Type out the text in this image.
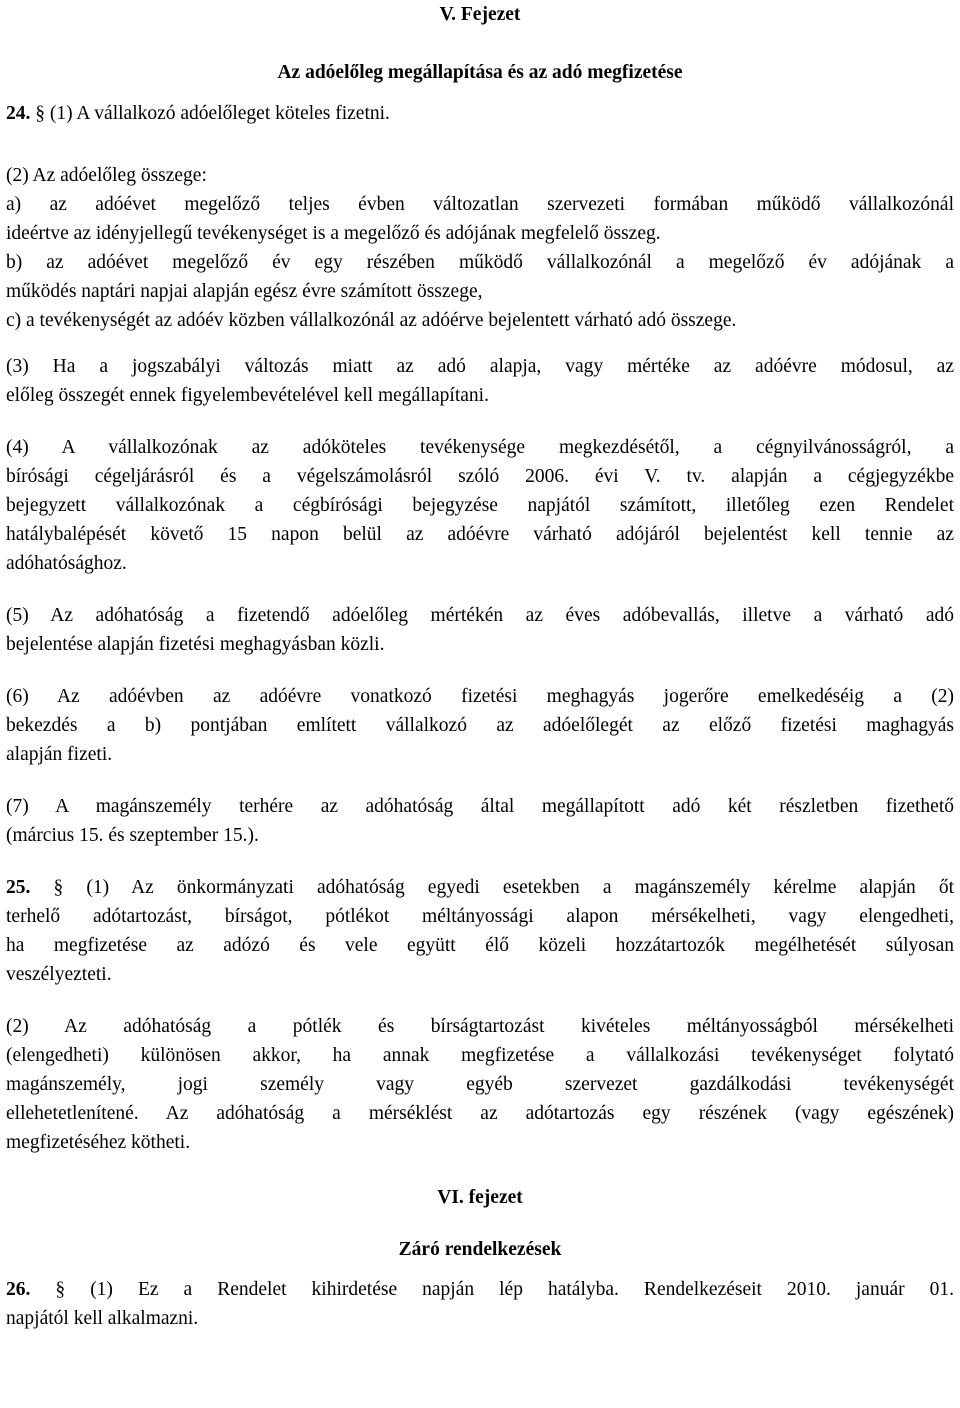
V. Fejezet
Az adóelőleg megállapítása és az adó megfizetése

24. § (1) A vállalkozó adóelőleget köteles fizetni.

(2) Az adóelőleg összege:
a) az adóévet megelőző teljes évben változatlan szervezeti formában működő vállalkozónál
ideértve az idényjellegű tevékenységet is a megelőző és adójának megfelelő összeg.
b) az adóévet megelőző év egy részében működő vállalkozónál a megelőző év adójának a
működés naptári napjai alapján egész évre számított összege,
c) a tevékenységét az adóév közben vállalkozónál az adóérve bejelentett várható adó összege.
(3) Ha a jogszabályi változás miatt az adó alapja, vagy mértéke az adóévre módosul, az
előleg összegét ennek figyelembevételével kell megállapítani.
(4) A vállalkozónak az adóköteles tevékenysége megkezdésétől, a cégnyilvánosságról, a
bírósági cégeljárásról és a végelszámolásról szóló 2006. évi V. tv. alapján a cégjegyzékbe
bejegyzett vállalkozónak a cégbírósági bejegyzése napjától számított, illetőleg ezen Rendelet
hatálybalépését követő 15 napon belül az adóévre várható adójáról bejelentést kell tennie az
adóhatósághoz.
(5) Az adóhatóság a fizetendő adóelőleg mértékén az éves adóbevallás, illetve a várható adó
bejelentése alapján fizetési meghagyásban közli.
(6) Az adóévben az adóévre vonatkozó fizetési meghagyás jogerőre emelkedéséig a (2)
bekezdés a b) pontjában említett vállalkozó az adóelőlegét az előző fizetési maghagyás
alapján fizeti.
(7) A magánszemély terhére az adóhatóság által megállapított adó két részletben fizethető
(március 15. és szeptember 15.).
25. § (1) Az önkormányzati adóhatóság egyedi esetekben a magánszemély kérelme alapján őt
terhelő adótartozást, bírságot, pótlékot méltányossági alapon mérsékelheti, vagy elengedheti,
ha megfizetése az adózó és vele együtt élő közeli hozzátartozók megélhetését súlyosan
veszélyezteti.
(2) Az adóhatóság a pótlék és bírságtartozást kivételes méltányosságból mérsékelheti
(elengedheti) különösen akkor, ha annak megfizetése a vállalkozási tevékenységet folytató
magánszemély, jogi személy vagy egyéb szervezet gazdálkodási tevékenységét
ellehetetlenítené. Az adóhatóság a mérséklést az adótartozás egy részének (vagy egészének)
megfizetéséhez kötheti.
VI. fejezet
Záró rendelkezések
26. § (1) Ez a Rendelet kihirdetése napján lép hatályba. Rendelkezéseit 2010. január 01.
napjától kell alkalmazni.
